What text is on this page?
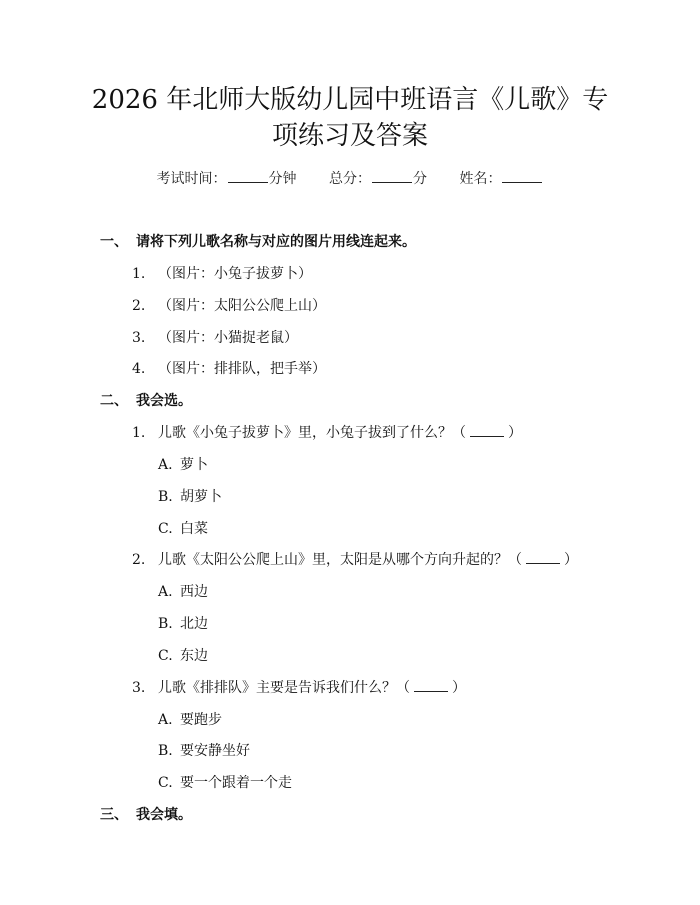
2026 年北师大版幼儿园中班语言《儿歌》专
项练习及答案
考试时间：	分钟 总分：	分 姓名：
一、 请将下列儿歌名称与对应的图片用线连起来。
1. （图片：小兔子拔萝卜）
2. （图片：太阳公公爬上山）
3. （图片：小猫捉老鼠）
4. （图片：排排队，把手举）
二、 我会选。
1. 儿歌《小兔子拔萝卜》里，小兔子拔到了什么？（	）
A. 萝卜
B. 胡萝卜
C. 白菜
2. 儿歌《太阳公公爬上山》里，太阳是从哪个方向升起的？（	）
A. 西边
B. 北边
C. 东边
3. 儿歌《排排队》主要是告诉我们什么？（	）
A. 要跑步
B. 要安静坐好
C. 要一个跟着一个走
三、 我会填。
